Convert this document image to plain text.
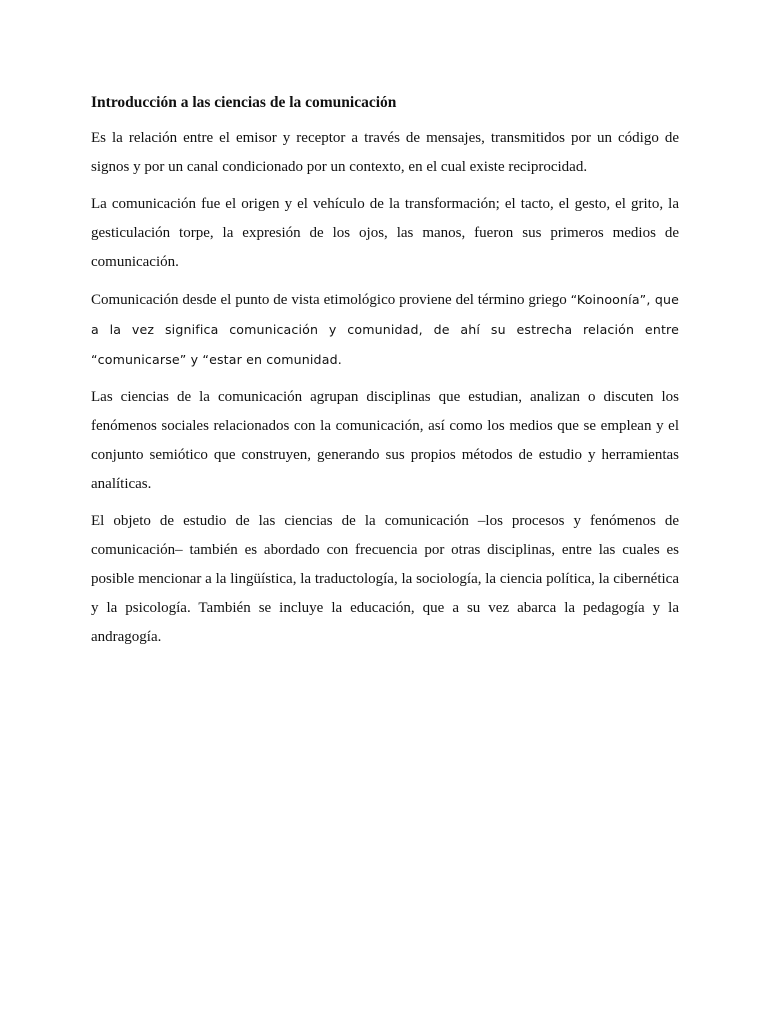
Introducción a las ciencias de la comunicación

Es la relación entre el emisor y receptor a través de mensajes, transmitidos por un código de signos y por un canal condicionado por un contexto, en el cual existe reciprocidad.

La comunicación fue el origen y el vehículo de la transformación; el tacto, el gesto, el grito, la gesticulación torpe, la expresión de los ojos, las manos, fueron sus primeros medios de comunicación.

Comunicación desde el punto de vista etimológico proviene del término griego “Koinoonía”, que a la vez significa comunicación y comunidad, de ahí su estrecha relación entre “comunicarse” y “estar en comunidad.

Las ciencias de la comunicación agrupan disciplinas que estudian, analizan o discuten los fenómenos sociales relacionados con la comunicación, así como los medios que se emplean y el conjunto semiótico que construyen, generando sus propios métodos de estudio y herramientas analíticas.

El objeto de estudio de las ciencias de la comunicación –los procesos y fenómenos de comunicación– también es abordado con frecuencia por otras disciplinas, entre las cuales es posible mencionar a la lingüística, la traductología, la sociología, la ciencia política, la cibernética y la psicología. También se incluye la educación, que a su vez abarca la pedagogía y la andragogía.
